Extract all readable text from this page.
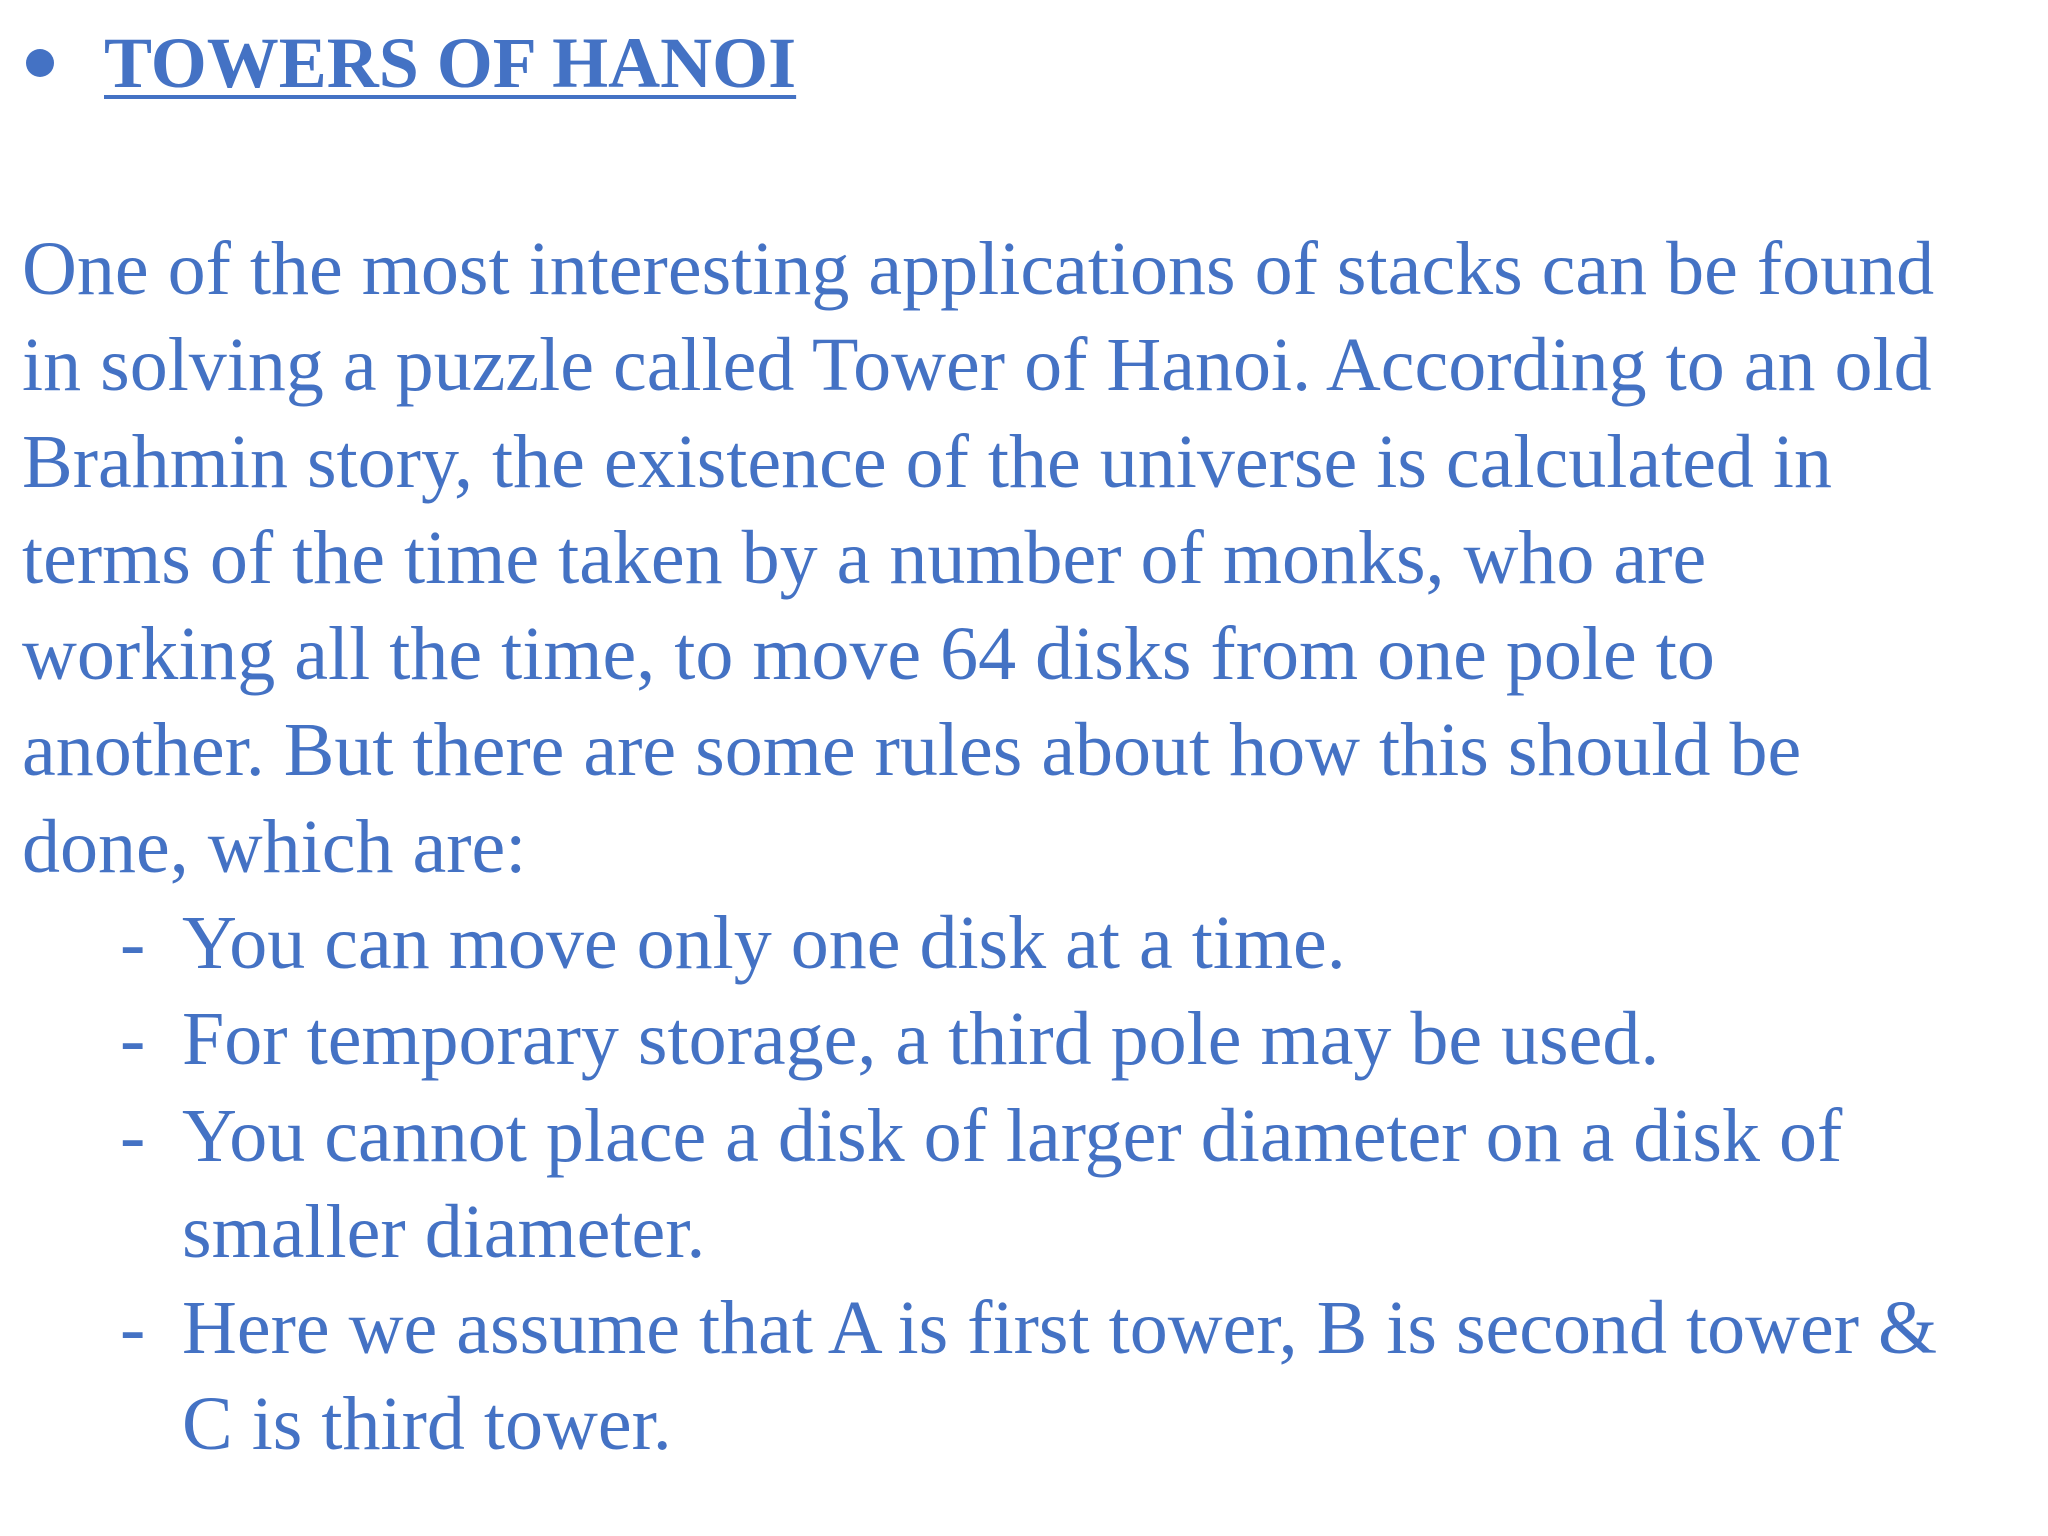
TOWERS OF HANOI
One of the most interesting applications of stacks can be found
in solving a puzzle called Tower of Hanoi. According to an old
Brahmin story, the existence of the universe is calculated in
terms of the time taken by a number of monks, who are
working all the time, to move 64 disks from one pole to
another. But there are some rules about how this should be
done, which are:
- You can move only one disk at a time.
- For temporary storage, a third pole may be used.
- You cannot place a disk of larger diameter on a disk of
smaller diameter.
- Here we assume that A is first tower, B is second tower &
C is third tower.
